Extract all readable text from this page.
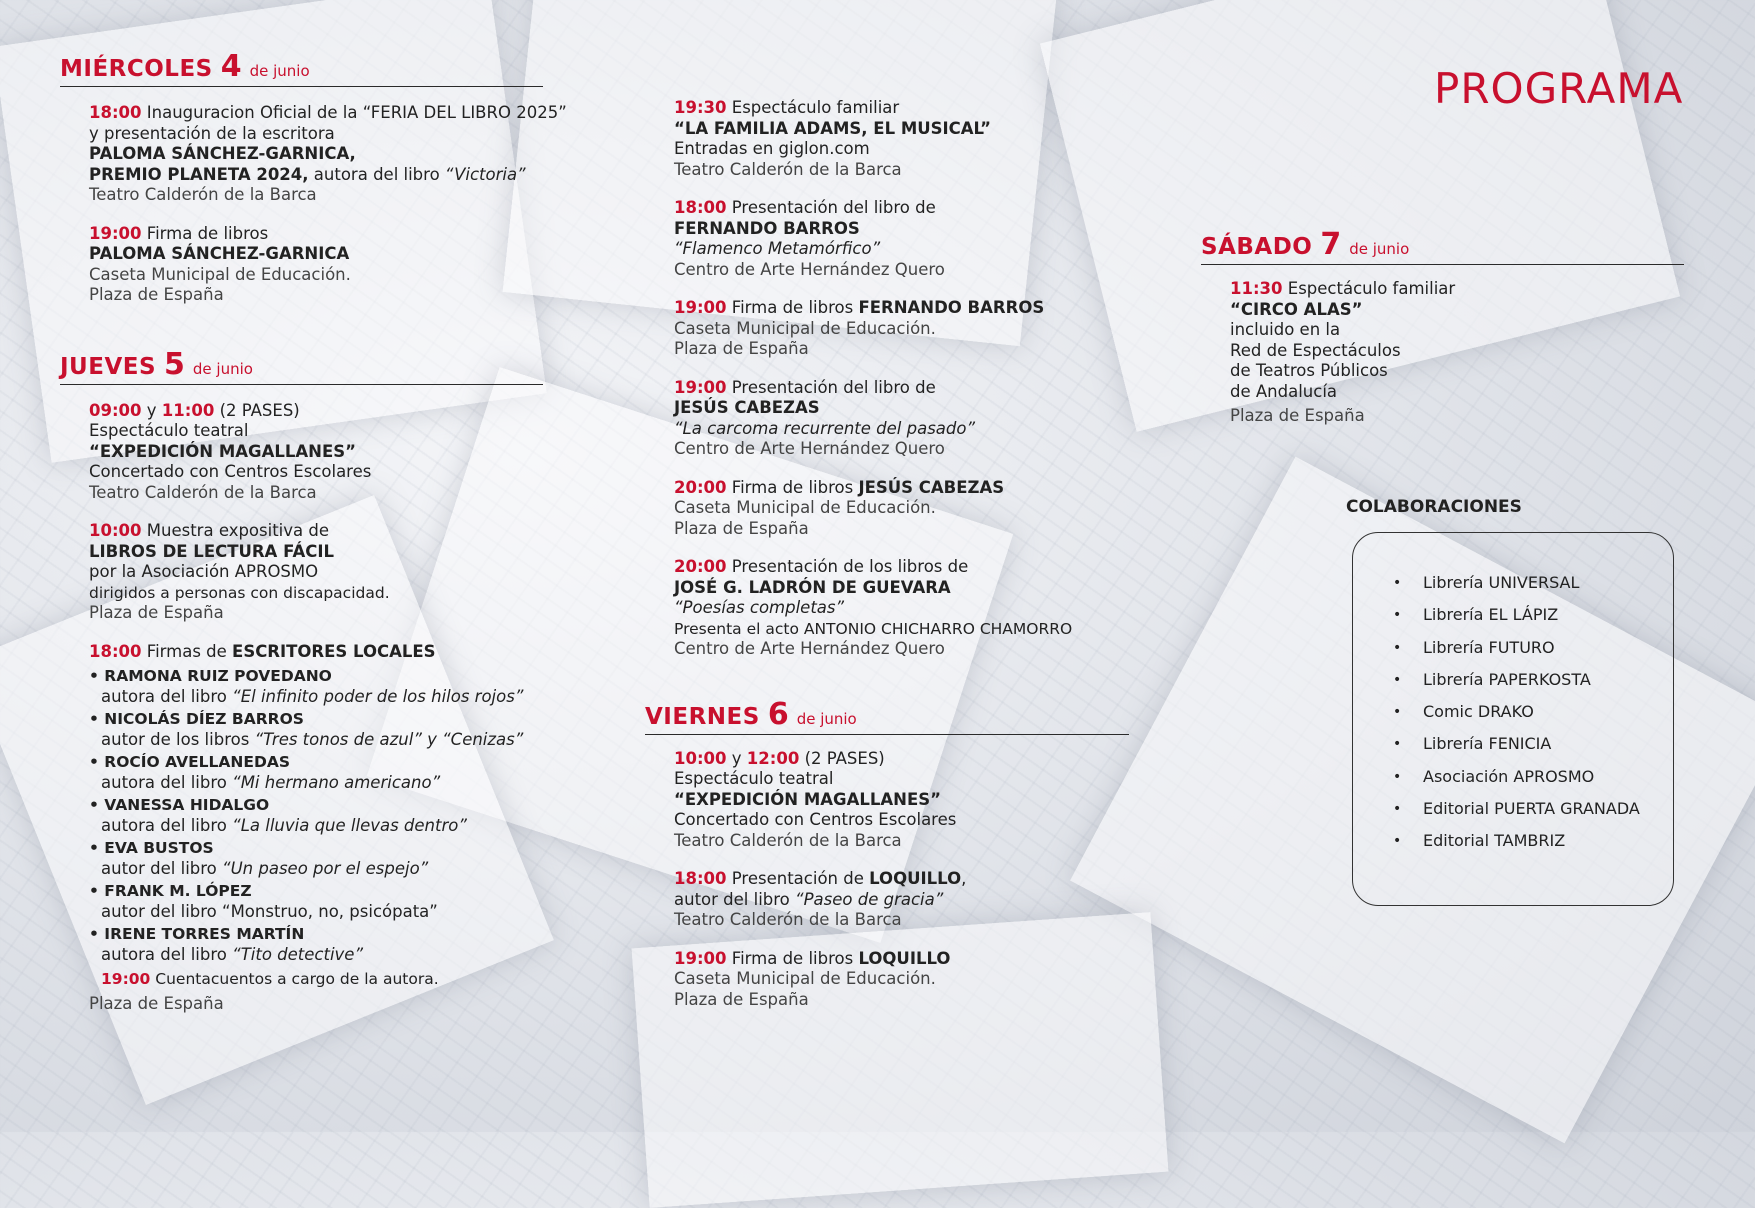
PROGRAMA
MIÉRCOLES 4 de junio
18:00 Inauguracion Oficial de la “FERIA DEL LIBRO 2025”
y presentación de la escritora
PALOMA SÁNCHEZ-GARNICA,
PREMIO PLANETA 2024, autora del libro “Victoria”
Teatro Calderón de la Barca
19:00 Firma de libros
PALOMA SÁNCHEZ-GARNICA
Caseta Municipal de Educación.
Plaza de España
JUEVES 5 de junio
09:00 y 11:00 (2 PASES)
Espectáculo teatral
“EXPEDICIÓN MAGALLANES”
Concertado con Centros Escolares
Teatro Calderón de la Barca
10:00 Muestra expositiva de
LIBROS DE LECTURA FÁCIL
por la Asociación APROSMO
dirigidos a personas con discapacidad.
Plaza de España
18:00 Firmas de ESCRITORES LOCALES
• RAMONA RUIZ POVEDANO
autora del libro “El infinito poder de los hilos rojos”
• NICOLÁS DÍEZ BARROS
autor de los libros “Tres tonos de azul” y “Cenizas”
• ROCÍO AVELLANEDAS
autora del libro “Mi hermano americano”
• VANESSA HIDALGO
autora del libro “La lluvia que llevas dentro”
• EVA BUSTOS
autor del libro “Un paseo por el espejo”
• FRANK M. LÓPEZ
autor del libro “Monstruo, no, psicópata”
• IRENE TORRES MARTÍN
autora del libro “Tito detective”
19:00 Cuentacuentos a cargo de la autora.
Plaza de España
19:30 Espectáculo familiar
“LA FAMILIA ADAMS, EL MUSICAL”
Entradas en giglon.com
Teatro Calderón de la Barca
18:00 Presentación del libro de
FERNANDO BARROS
“Flamenco Metamórfico”
Centro de Arte Hernández Quero
19:00 Firma de libros FERNANDO BARROS
Caseta Municipal de Educación.
Plaza de España
19:00 Presentación del libro de
JESÚS CABEZAS
“La carcoma recurrente del pasado”
Centro de Arte Hernández Quero
20:00 Firma de libros JESÚS CABEZAS
Caseta Municipal de Educación.
Plaza de España
20:00 Presentación de los libros de
JOSÉ G. LADRÓN DE GUEVARA
“Poesías completas”
Presenta el acto ANTONIO CHICHARRO CHAMORRO
Centro de Arte Hernández Quero
VIERNES 6 de junio
10:00 y 12:00 (2 PASES)
Espectáculo teatral
“EXPEDICIÓN MAGALLANES”
Concertado con Centros Escolares
Teatro Calderón de la Barca
18:00 Presentación de LOQUILLO,
autor del libro “Paseo de gracia”
Teatro Calderón de la Barca
19:00 Firma de libros LOQUILLO
Caseta Municipal de Educación.
Plaza de España
SÁBADO 7 de junio
11:30 Espectáculo familiar
“CIRCO ALAS”
incluido en la
Red de Espectáculos
de Teatros Públicos
de Andalucía
Plaza de España
COLABORACIONES
• Librería UNIVERSAL
• Librería EL LÁPIZ
• Librería FUTURO
• Librería PAPERKOSTA
• Comic DRAKO
• Librería FENICIA
• Asociación APROSMO
• Editorial PUERTA GRANADA
• Editorial TAMBRIZ
